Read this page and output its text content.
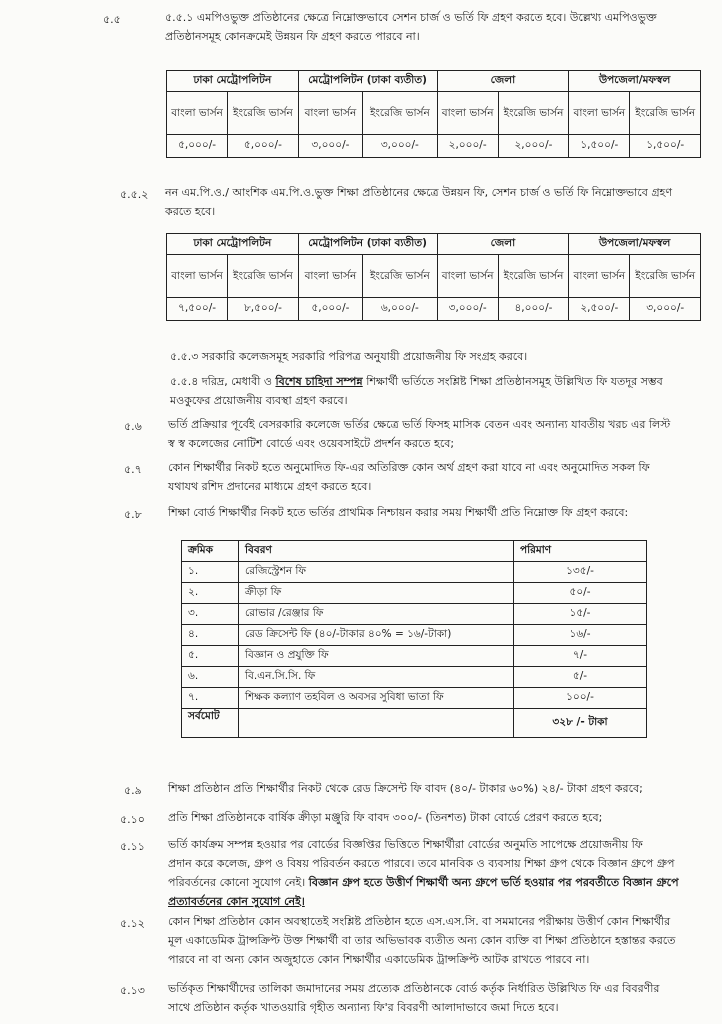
৫.৫	৫.৫.১ এমপিওভুক্ত প্রতিষ্ঠানের ক্ষেত্রে নিম্নোক্তভাবে সেশন চার্জ ও ভর্তি ফি গ্রহণ করতে হবে। উল্লেখ্য এমপিওভুক্ত
প্রতিষ্ঠানসমূহ কোনক্রমেই উন্নয়ন ফি গ্রহণ করতে পারবে না।
ঢাকা মেট্রোপলিটন		মেট্রোপলিটন (ঢাকা ব্যতীত)		জেলা		উপজেলা/মফস্বল	
বাংলা ভার্সন	ইংরেজি ভার্সন	বাংলা ভার্সন	ইংরেজি ভার্সন	বাংলা ভার্সন	ইংরেজি ভার্সন	বাংলা ভার্সন	ইংরেজি ভার্সন
৫,০০০/-	৫,০০০/-	৩,০০০/-	৩,০০০/-	২,০০০/-	২,০০০/-	১,৫০০/-	১,৫০০/-
৫.৫.২ নন এম.পি.ও./ আংশিক এম.পি.ও.ভুক্ত শিক্ষা প্রতিষ্ঠানের ক্ষেত্রে উন্নয়ন ফি, সেশন চার্জ ও ভর্তি ফি নিম্নোক্তভাবে গ্রহণ
করতে হবে।
ঢাকা মেট্রোপলিটন		মেট্রোপলিটন (ঢাকা ব্যতীত)		জেলা		উপজেলা/মফস্বল	
বাংলা ভার্সন	ইংরেজি ভার্সন	বাংলা ভার্সন	ইংরেজি ভার্সন	বাংলা ভার্সন	ইংরেজি ভার্সন	বাংলা ভার্সন	ইংরেজি ভার্সন
৭,৫০০/-	৮,৫০০/-	৫,০০০/-	৬,০০০/-	৩,০০০/-	৪,০০০/-	২,৫০০/-	৩,০০০/-
৫.৫.৩ সরকারি কলেজসমূহ সরকারি পরিপত্র অনুযায়ী প্রয়োজনীয় ফি সংগ্রহ করবে।
৫.৫.৪ দরিদ্র, মেধাবী ও বিশেষ চাহিদা সম্পন্ন শিক্ষার্থী ভর্তিতে সংশ্লিষ্ট শিক্ষা প্রতিষ্ঠানসমূহ উল্লিখিত ফি যতদূর সম্ভব
মওকুফের প্রয়োজনীয় ব্যবস্থা গ্রহণ করবে।
৫.৬ ভর্তি প্রক্রিয়ার পূর্বেই বেসরকারি কলেজে ভর্তির ক্ষেত্রে ভর্তি ফিসহ মাসিক বেতন এবং অন্যান্য যাবতীয় খরচ এর লিস্ট
স্ব স্ব কলেজের নোটিশ বোর্ডে এবং ওয়েবসাইটে প্রদর্শন করতে হবে;
৫.৭ কোন শিক্ষার্থীর নিকট হতে অনুমোদিত ফি-এর অতিরিক্ত কোন অর্থ গ্রহণ করা যাবে না এবং অনুমোদিত সকল ফি
যথাযথ রশিদ প্রদানের মাধ্যমে গ্রহণ করতে হবে।
৫.৮ শিক্ষা বোর্ড শিক্ষার্থীর নিকট হতে ভর্তির প্রাথমিক নিশ্চায়ন করার সময় শিক্ষার্থী প্রতি নিম্নোক্ত ফি গ্রহণ করবে:
ক্রমিক	বিবরণ	পরিমাণ
১.	রেজিস্ট্রেশন ফি	১৩৫/-
২.	ক্রীড়া ফি	৫০/-
৩.	রোভার /রেঞ্জার ফি	১৫/-
৪.	রেড ক্রিসেন্ট ফি (৪০/-টাকার ৪০% = ১৬/-টাকা)	১৬/-
৫.	বিজ্ঞান ও প্রযুক্তি ফি	৭/-
৬.	বি.এন.সি.সি. ফি	৫/-
৭.	শিক্ষক কল্যাণ তহবিল ও অবসর সুবিধা ভাতা ফি	১০০/-
সর্বমোট		৩২৮ /- টাকা
৫.৯ শিক্ষা প্রতিষ্ঠান প্রতি শিক্ষার্থীর নিকট থেকে রেড ক্রিসেন্ট ফি বাবদ (৪০/- টাকার ৬০%) ২৪/- টাকা গ্রহণ করবে;
৫.১০ প্রতি শিক্ষা প্রতিষ্ঠানকে বার্ষিক ক্রীড়া মঞ্জুরি ফি বাবদ ৩০০/- (তিনশত) টাকা বোর্ডে প্রেরণ করতে হবে;
৫.১১ ভর্তি কার্যক্রম সম্পন্ন হওয়ার পর বোর্ডের বিজ্ঞপ্তির ভিত্তিতে শিক্ষার্থীরা বোর্ডের অনুমতি সাপেক্ষে প্রয়োজনীয় ফি
প্রদান করে কলেজ, গ্রুপ ও বিষয় পরিবর্তন করতে পারবে। তবে মানবিক ও ব্যবসায় শিক্ষা গ্রুপ থেকে বিজ্ঞান গ্রুপে গ্রুপ
পরিবর্তনের কোনো সুযোগ নেই। বিজ্ঞান গ্রুপ হতে উত্তীর্ণ শিক্ষার্থী অন্য গ্রুপে ভর্তি হওয়ার পর পরবর্তীতে বিজ্ঞান গ্রুপে
প্রত্যাবর্তনের কোন সুযোগ নেই।
৫.১২ কোন শিক্ষা প্রতিষ্ঠান কোন অবস্থাতেই সংশ্লিষ্ট প্রতিষ্ঠান হতে এস.এস.সি. বা সমমানের পরীক্ষায় উত্তীর্ণ কোন শিক্ষার্থীর
মূল একাডেমিক ট্রান্সক্রিপ্ট উক্ত শিক্ষার্থী বা তার অভিভাবক ব্যতীত অন্য কোন ব্যক্তি বা শিক্ষা প্রতিষ্ঠানে হস্তান্তর করতে
পারবে না বা অন্য কোন অজুহাতে কোন শিক্ষার্থীর একাডেমিক ট্রান্সক্রিপ্ট আটক রাখতে পারবে না।
৫.১৩ ভর্তিকৃত শিক্ষার্থীদের তালিকা জমাদানের সময় প্রত্যেক প্রতিষ্ঠানকে বোর্ড কর্তৃক নির্ধারিত উল্লিখিত ফি এর বিবরণীর
সাথে প্রতিষ্ঠান কর্তৃক খাতওয়ারি গৃহীত অন্যান্য ফি'র বিবরণী আলাদাভাবে জমা দিতে হবে।
